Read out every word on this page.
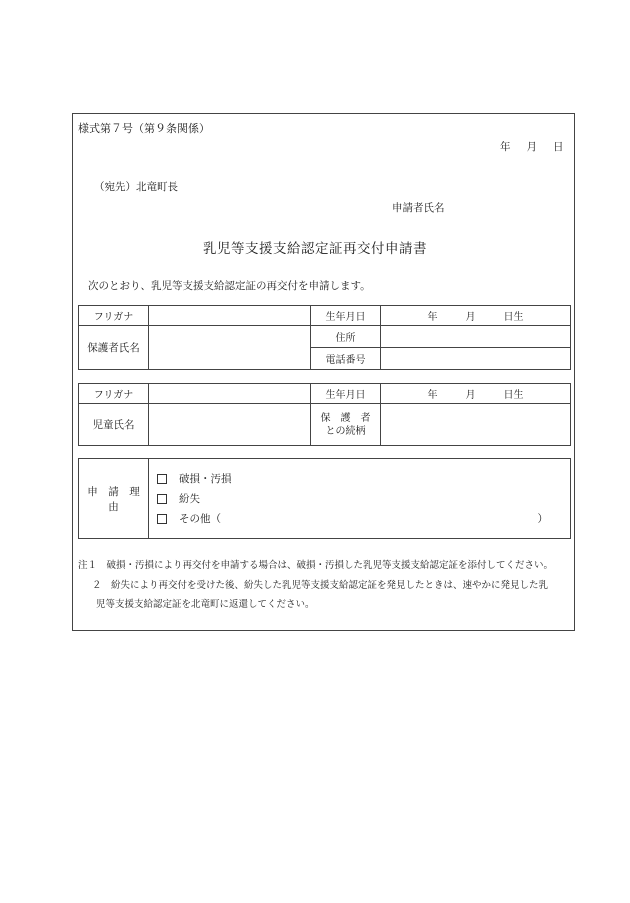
様式第７号（第９条関係）
年 月 日
（宛先）北竜町長
申請者氏名
乳児等支援支給認定証再交付申請書
次のとおり、乳児等支援支給認定証の再交付を申請します。
フリガナ		生年月日	年 月 日生
保護者氏名		住所	
		電話番号	
フリガナ		生年月日	年 月 日生
児童氏名		保　護　者
との続柄	

申　請　理　由	
破損・汚損
紛失
その他（	）
注１　破損・汚損により再交付を申請する場合は、破損・汚損した乳児等支援支給認定証を添付してください。
２　紛失により再交付を受けた後、紛失した乳児等支援支給認定証を発見したときは、速やかに発見した乳
児等支援支給認定証を北竜町に返還してください。
